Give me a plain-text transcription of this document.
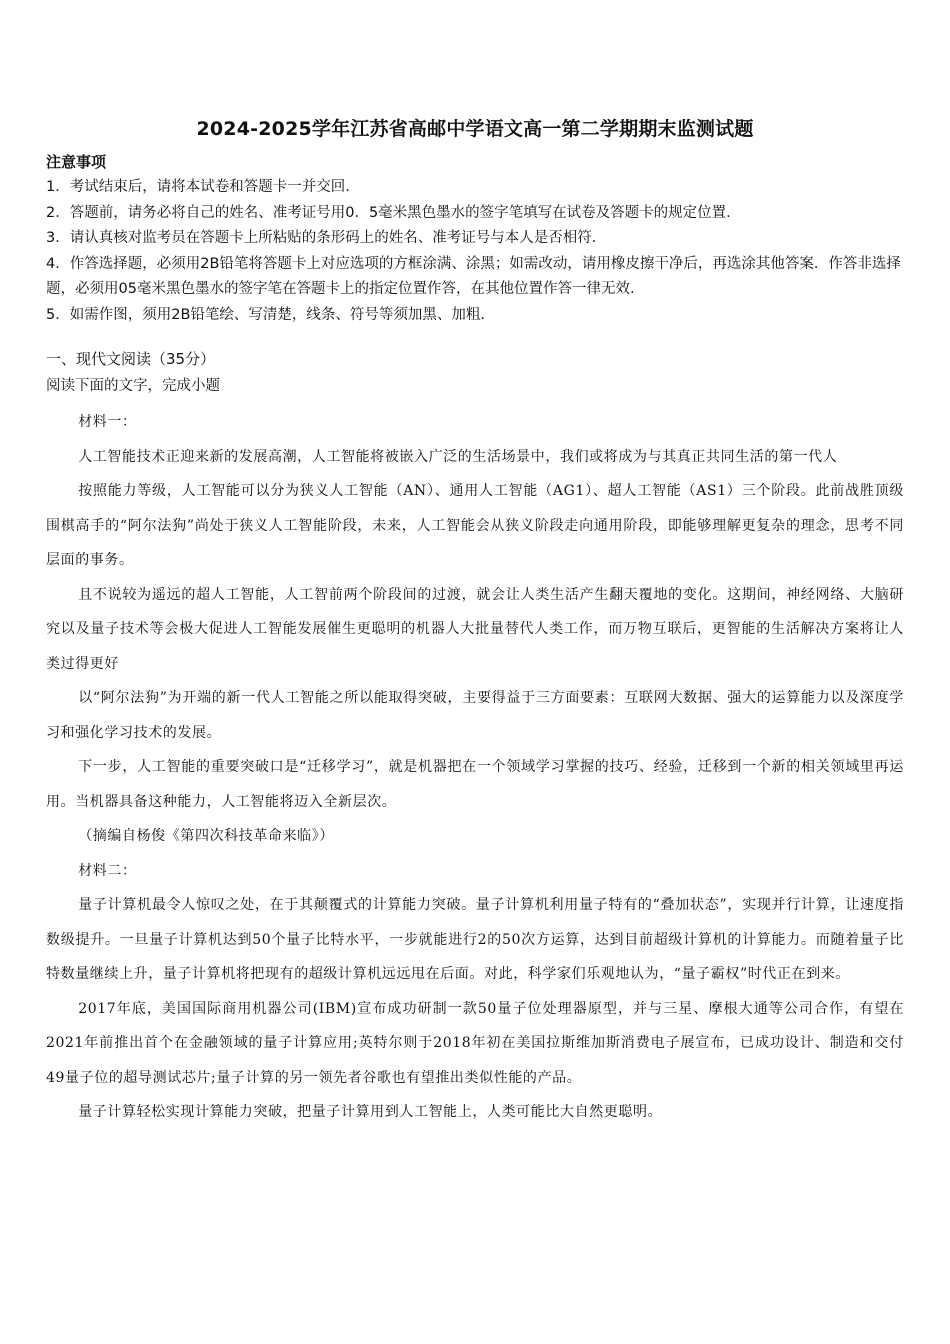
2024-2025学年江苏省高邮中学语文高一第二学期期末监测试题
注意事项
1．考试结束后，请将本试卷和答题卡一并交回.
2．答题前，请务必将自己的姓名、准考证号用0．5毫米黑色墨水的签字笔填写在试卷及答题卡的规定位置.
3．请认真核对监考员在答题卡上所粘贴的条形码上的姓名、准考证号与本人是否相符.
4．作答选择题，必须用2B铅笔将答题卡上对应选项的方框涂满、涂黑；如需改动，请用橡皮擦干净后，再选涂其他答案．作答非选择题，必须用05毫米黑色墨水的签字笔在答题卡上的指定位置作答，在其他位置作答一律无效.
5．如需作图，须用2B铅笔绘、写清楚，线条、符号等须加黑、加粗.
一、现代文阅读（35分）
阅读下面的文字，完成小题

材料一：

人工智能技术正迎来新的发展高潮，人工智能将被嵌入广泛的生活场景中，我们或将成为与其真正共同生活的第一代人

按照能力等级，人工智能可以分为狭义人工智能（AN）、通用人工智能（AG1）、超人工智能（AS1）三个阶段。此前战胜顶级围棋高手的“阿尔法狗”尚处于狭义人工智能阶段，未来，人工智能会从狭义阶段走向通用阶段，即能够理解更复杂的理念，思考不同层面的事务。

且不说较为遥远的超人工智能，人工智前两个阶段间的过渡，就会让人类生活产生翻天覆地的变化。这期间，神经网络、大脑研究以及量子技术等会极大促进人工智能发展催生更聪明的机器人大批量替代人类工作，而万物互联后，更智能的生活解决方案将让人类过得更好

以“阿尔法狗”为开端的新一代人工智能之所以能取得突破，主要得益于三方面要素：互联网大数据、强大的运算能力以及深度学习和强化学习技术的发展。

下一步，人工智能的重要突破口是“迁移学习”，就是机器把在一个领域学习掌握的技巧、经验，迁移到一个新的相关领域里再运用。当机器具备这种能力，人工智能将迈入全新层次。

（摘编自杨俊《第四次科技革命来临》）

材料二：

量子计算机最令人惊叹之处，在于其颠覆式的计算能力突破。量子计算机利用量子特有的“叠加状态”，实现并行计算，让速度指数级提升。一旦量子计算机达到50个量子比特水平，一步就能进行2的50次方运算，达到目前超级计算机的计算能力。而随着量子比特数量继续上升，量子计算机将把现有的超级计算机远远甩在后面。对此，科学家们乐观地认为，“量子霸权”时代正在到来。

2017年底，美国国际商用机器公司(IBM)宣布成功研制一款50量子位处理器原型，并与三星、摩根大通等公司合作，有望在2021年前推出首个在金融领域的量子计算应用;英特尔则于2018年初在美国拉斯维加斯消费电子展宣布，已成功设计、制造和交付49量子位的超导测试芯片;量子计算的另一领先者谷歌也有望推出类似性能的产品。

量子计算轻松实现计算能力突破，把量子计算用到人工智能上，人类可能比大自然更聪明。
